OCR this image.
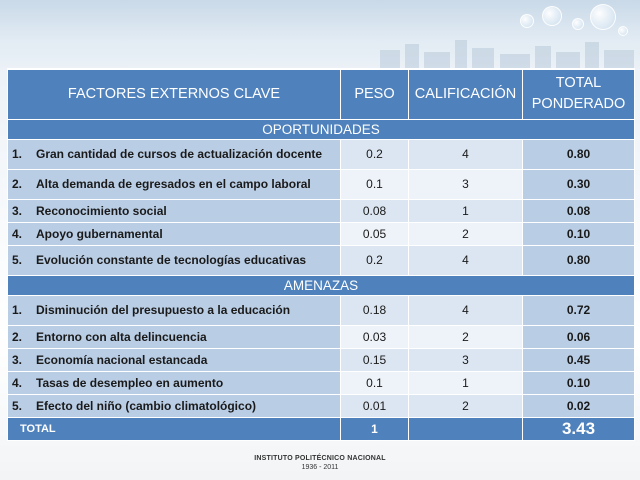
FACTORES EXTERNOS CLAVE	PESO	CALIFICACIÓN	TOTAL
PONDERADO
OPORTUNIDADES			
1. Gran cantidad de cursos de actualización docente	0.2	4	0.80
2. Alta demanda de egresados en el campo laboral	0.1	3	0.30
3. Reconocimiento social	0.08	1	0.08
4. Apoyo gubernamental	0.05	2	0.10
5. Evolución constante de tecnologías educativas	0.2	4	0.80
AMENAZAS			
1. Disminución del presupuesto a la educación	0.18	4	0.72
2. Entorno con alta delincuencia	0.03	2	0.06
3. Economía nacional estancada	0.15	3	0.45
4. Tasas de desempleo en aumento	0.1	1	0.10
5. Efecto del niño (cambio climatológico)	0.01	2	0.02
TOTAL	1		3.43
INSTITUTO POLITÉCNICO NACIONAL
1936 - 2011
